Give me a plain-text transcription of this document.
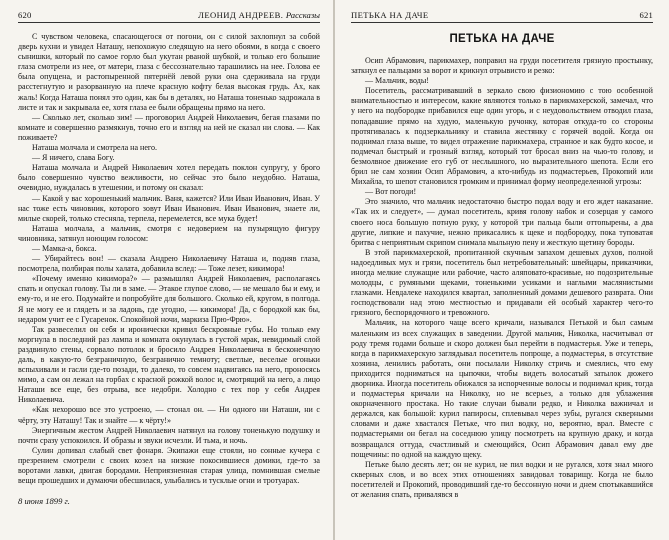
620	ЛЕОНИД АНДРЕЕВ. Рассказы

С чувством человека, спасающегося от погони, он с силой захлопнул за собой дверь кухни и увидел Наташу, непохожую следящую на него обоями, в когда с своего сынишки, который по самое горло был укутан рваной шубкой, и только его большие глаза смотрели из нее, от матери, глаза с бессознательно тарашились на нее. Головa ее была опущена, и растопыренной пятернёй левой руки она сдерживала на груди расстегнутую и разорванную на плече красную кофту белая высокая грудь. Ах, как жаль! Когда Наташа понял это один, как бы в деталях, но Наташа тоненько задрожала в листе и так и закрывала ее, хотя глаза ее были обращены прямо на него.

— Сколько лет, сколько зим! — проговорил Андрей Николаевич, бегая глазами по комнате и совершенно размякнув, точно его и взгляд на ней не сказал ни слова. — Как поживаете?

Наташа молчала и смотрела на него.

— Я ничего, слава Богу.

Наташа молчала и Андрей Николаевич хотел передать поклон супругу, у брого было совершенно чувство вежливости, но сейчас это было неудобно. Наташа, очевидно, нуждалась в утешении, и потому он сказал:

— Какой у вас хорошенький мальчик. Ваня, кажется? Или Иван Иванович, Иван. У нас тоже есть чиновник, которого зовут Иван Иванович. Иван Иванович, знаете ли, милые скорей, только стесняла, терпела, перемелется, все мука будет!

Наташа молчала, а мальчик, смотря с недоверием на пузырящую фигуру чиновника, затянул ноющим голосом:

— Мамка-а, бокса.

— Убирайтесь вон! — сказала Андрею Николаевичу Наташа и, подняв глаза, посмотрела, полбирая полы халата, добавила вслед: — Тоже лезет, кикимора!

«Почему именно кикимора?» — размышлял Андрей Николаевич, располагаясь спать и опускал голову. Ты ли в заме. — Этакое глупое слово, — не мешало бы и ему, и ему-то, и не его. Подумайте и попробуйте для большого. Сколько ей, кругом, в полгода. Я не могу ее и глядеть и за ладонь, где угодно, — кикимора! Да, с бородкой как бы, недаром учит ее с Гусаренок. Спокойной ночи, маркиза Прю-Фрю».

Так развеселил он себя и иронически кривил бескровные губы. Но только ему моргнула в последний раз лампа и комната окунулась в густой мрак, невидимый слой раздвинуло стены, сорвало потолок и бросило Андрея Николаевича в бесконечную даль, в какую-то безграничную, безгранично темноту; светлые, веселые огоньки вспыхивали и гасли где-то позади, то далеко, то совсем надвигаясь на него, проносясь мимо, а сам он лежал на горбах с красной рожкой волос и, смотрящий на него, а лицо Наташи все еще, без отрыва, все недобри. Холодно с тех пор у себя Андрея Николаевича.

«Как нехорошо все это устроено, — стонал он. — Ни одного ни Наташи, ни с чёрту, эту Наташу! Так и знайте — к чёрту!»

Энергичным жестом Андрей Николаевич натянул на голову тоненькую подушку и почти сразу успокоился. И образы и звуки исчезли. И тьма, и ночь.

Сулин допивал слабый свет фонаря. Экипажи еще стояли, но сонные кучера с презрением смотрели с своих козел на низкие покосившиеся домики, где-то за воротами лавки, двигая бородами. Неприязненная старая улица, помнившая смелые вещи прошедших и думаючи обесшилася, улыбались и тусклые огни и тротуарах.

8 июня 1899 г.
ПЕТЬКА НА ДАЧЕ	621
ПЕТЬКА НА ДАЧЕ

Осип Абрамович, парикмахер, поправил на груди посетителя грязную простынку, заткнул ее пальцами за ворот и крикнул отрывисто и резко:

— Мальчик, воды!

Посетитель, рассматривавший в зеркало свою физиономию с тою особенной внимательностью и интересом, какие являются только в парикмахерской, замечал, что у него на подбородке прибавился еще один угорь, и с неудовольствием отводил глаза, попадавшие прямо на худую, маленькую ручонку, которая откуда-то со стороны протягивалась к подзеркальнику и ставила жестянку с горячей водой. Когда он поднимал глаза выше, то видел отражение парикмахера, странное и как будто косое, и подмечал быстрый и грозный взгляд, который тот бросал вниз на чью-то голову, и безмолвное движение его губ от неслышного, но выразительного шепота. Если его брил не сам хозяин Осип Абрамович, а кто-нибудь из подмастерьев, Прокопий или Михайла, то шепот становился громким и принимал форму неопределенной угрозы:

— Вот погоди!

Это значило, что мальчик недостаточно быстро подал воду и его ждет наказание. «Так их и следует», — думал посетитель, кривя голову набок и созерцая у самого своего носа большую потную руку, у которой три пальца были оттопырены, а два другие, липкие и пахучие, нежно прикасались к щеке и подбородку, пока туповатая бритва с неприятным скрипом снимала мыльную пену и жесткую щетину бороды.

В этой парикмахерской, пропитанной скучным запахом дешевых духов, полной надоедливых мух и грязи, посетитель был нетребовательный: швейцары, приказчики, иногда мелкие служащие или рабочие, часто аляповато-красивые, но подозрительные молодцы, с румяными щеками, тоненькими усиками и наглыми маслянистыми глазками. Невдалеке находился квартал, заполненный домами дешевого разврата. Они господствовали над этою местностью и придавали ей особый характер чего-то грязного, беспорядочного и тревожного.

Мальчик, на которого чаще всего кричали, назывался Петькой и был самым маленьким из всех служащих в заведении. Другой мальчик, Николка, насчитывал от роду тремя годами больше и скоро должен был перейти в подмастерья. Уже и теперь, когда в парикмахерскую заглядывал посетитель попроще, а подмастерья, в отсутствие хозяина, ленились работать, они посылали Николку стричь и смеялись, что ему приходится подниматься на цыпочки, чтобы видеть волосатый затылок дюжего дворника. Иногда посетитель обижался за испорченные волосы и поднимал крик, тогда и подмастерья кричали на Николку, но не всерьез, а только для ублажения окорначенного простака. Но такие случаи бывали редко, и Николка важничал и держался, как большой: курил папиросы, сплевывал через зубы, ругался скверными словами и даже хвастался Петьке, что пил водку, но, вероятно, врал. Вместе с подмастерьями он бегал на соседнюю улицу посмотреть на крупную драку, и когда возвращался оттуда, счастливый и смеющийся, Осип Абрамович давал ему две пощечины: по одной на каждую щеку.

Петьке было десять лет; он не курил, не пил водки и не ругался, хотя знал много скверных слов, и во всех этих отношениях завидовал товарищу. Когда не было посетителей и Прокопий, проводивший где-то бессонную ночи и днем спотыкавшийся от желания спать, привалявся в
